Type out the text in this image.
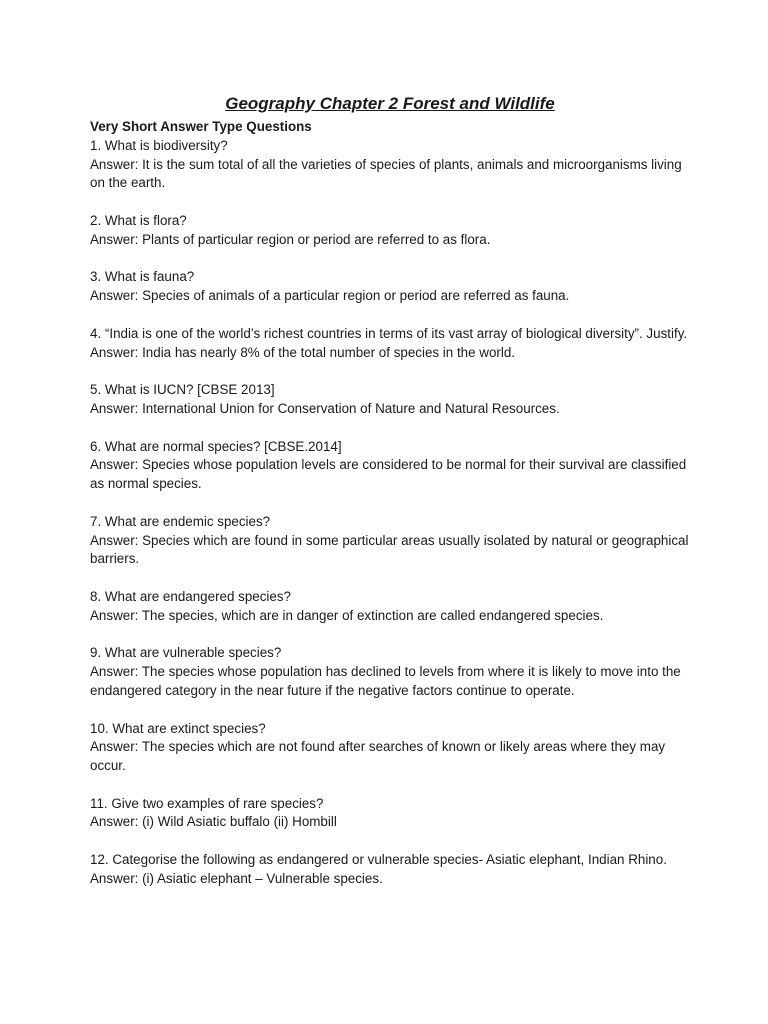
Geography Chapter 2 Forest and Wildlife
Very Short Answer Type Questions
1. What is biodiversity?
Answer: It is the sum total of all the varieties of species of plants, animals and microorganisms living on the earth.
2. What is flora?
Answer: Plants of particular region or period are referred to as flora.
3. What is fauna?
Answer: Species of animals of a particular region or period are referred as fauna.
4. “India is one of the world’s richest countries in terms of its vast array of biological diversity”. Justify.
Answer: India has nearly 8% of the total number of species in the world.
5. What is IUCN? [CBSE 2013]
Answer: International Union for Conservation of Nature and Natural Resources.
6. What are normal species? [CBSE.2014]
Answer: Species whose population levels are considered to be normal for their survival are classified as normal species.
7. What are endemic species?
Answer: Species which are found in some particular areas usually isolated by natural or geographical barriers.
8. What are endangered species?
Answer: The species, which are in danger of extinction are called endangered species.
9. What are vulnerable species?
Answer: The species whose population has declined to levels from where it is likely to move into the endangered category in the near future if the negative factors continue to operate.
10. What are extinct species?
Answer: The species which are not found after searches of known or likely areas where they may occur.
11. Give two examples of rare species?
Answer: (i) Wild Asiatic buffalo (ii) Hombill
12. Categorise the following as endangered or vulnerable species- Asiatic elephant, Indian Rhino.
Answer: (i) Asiatic elephant – Vulnerable species.
